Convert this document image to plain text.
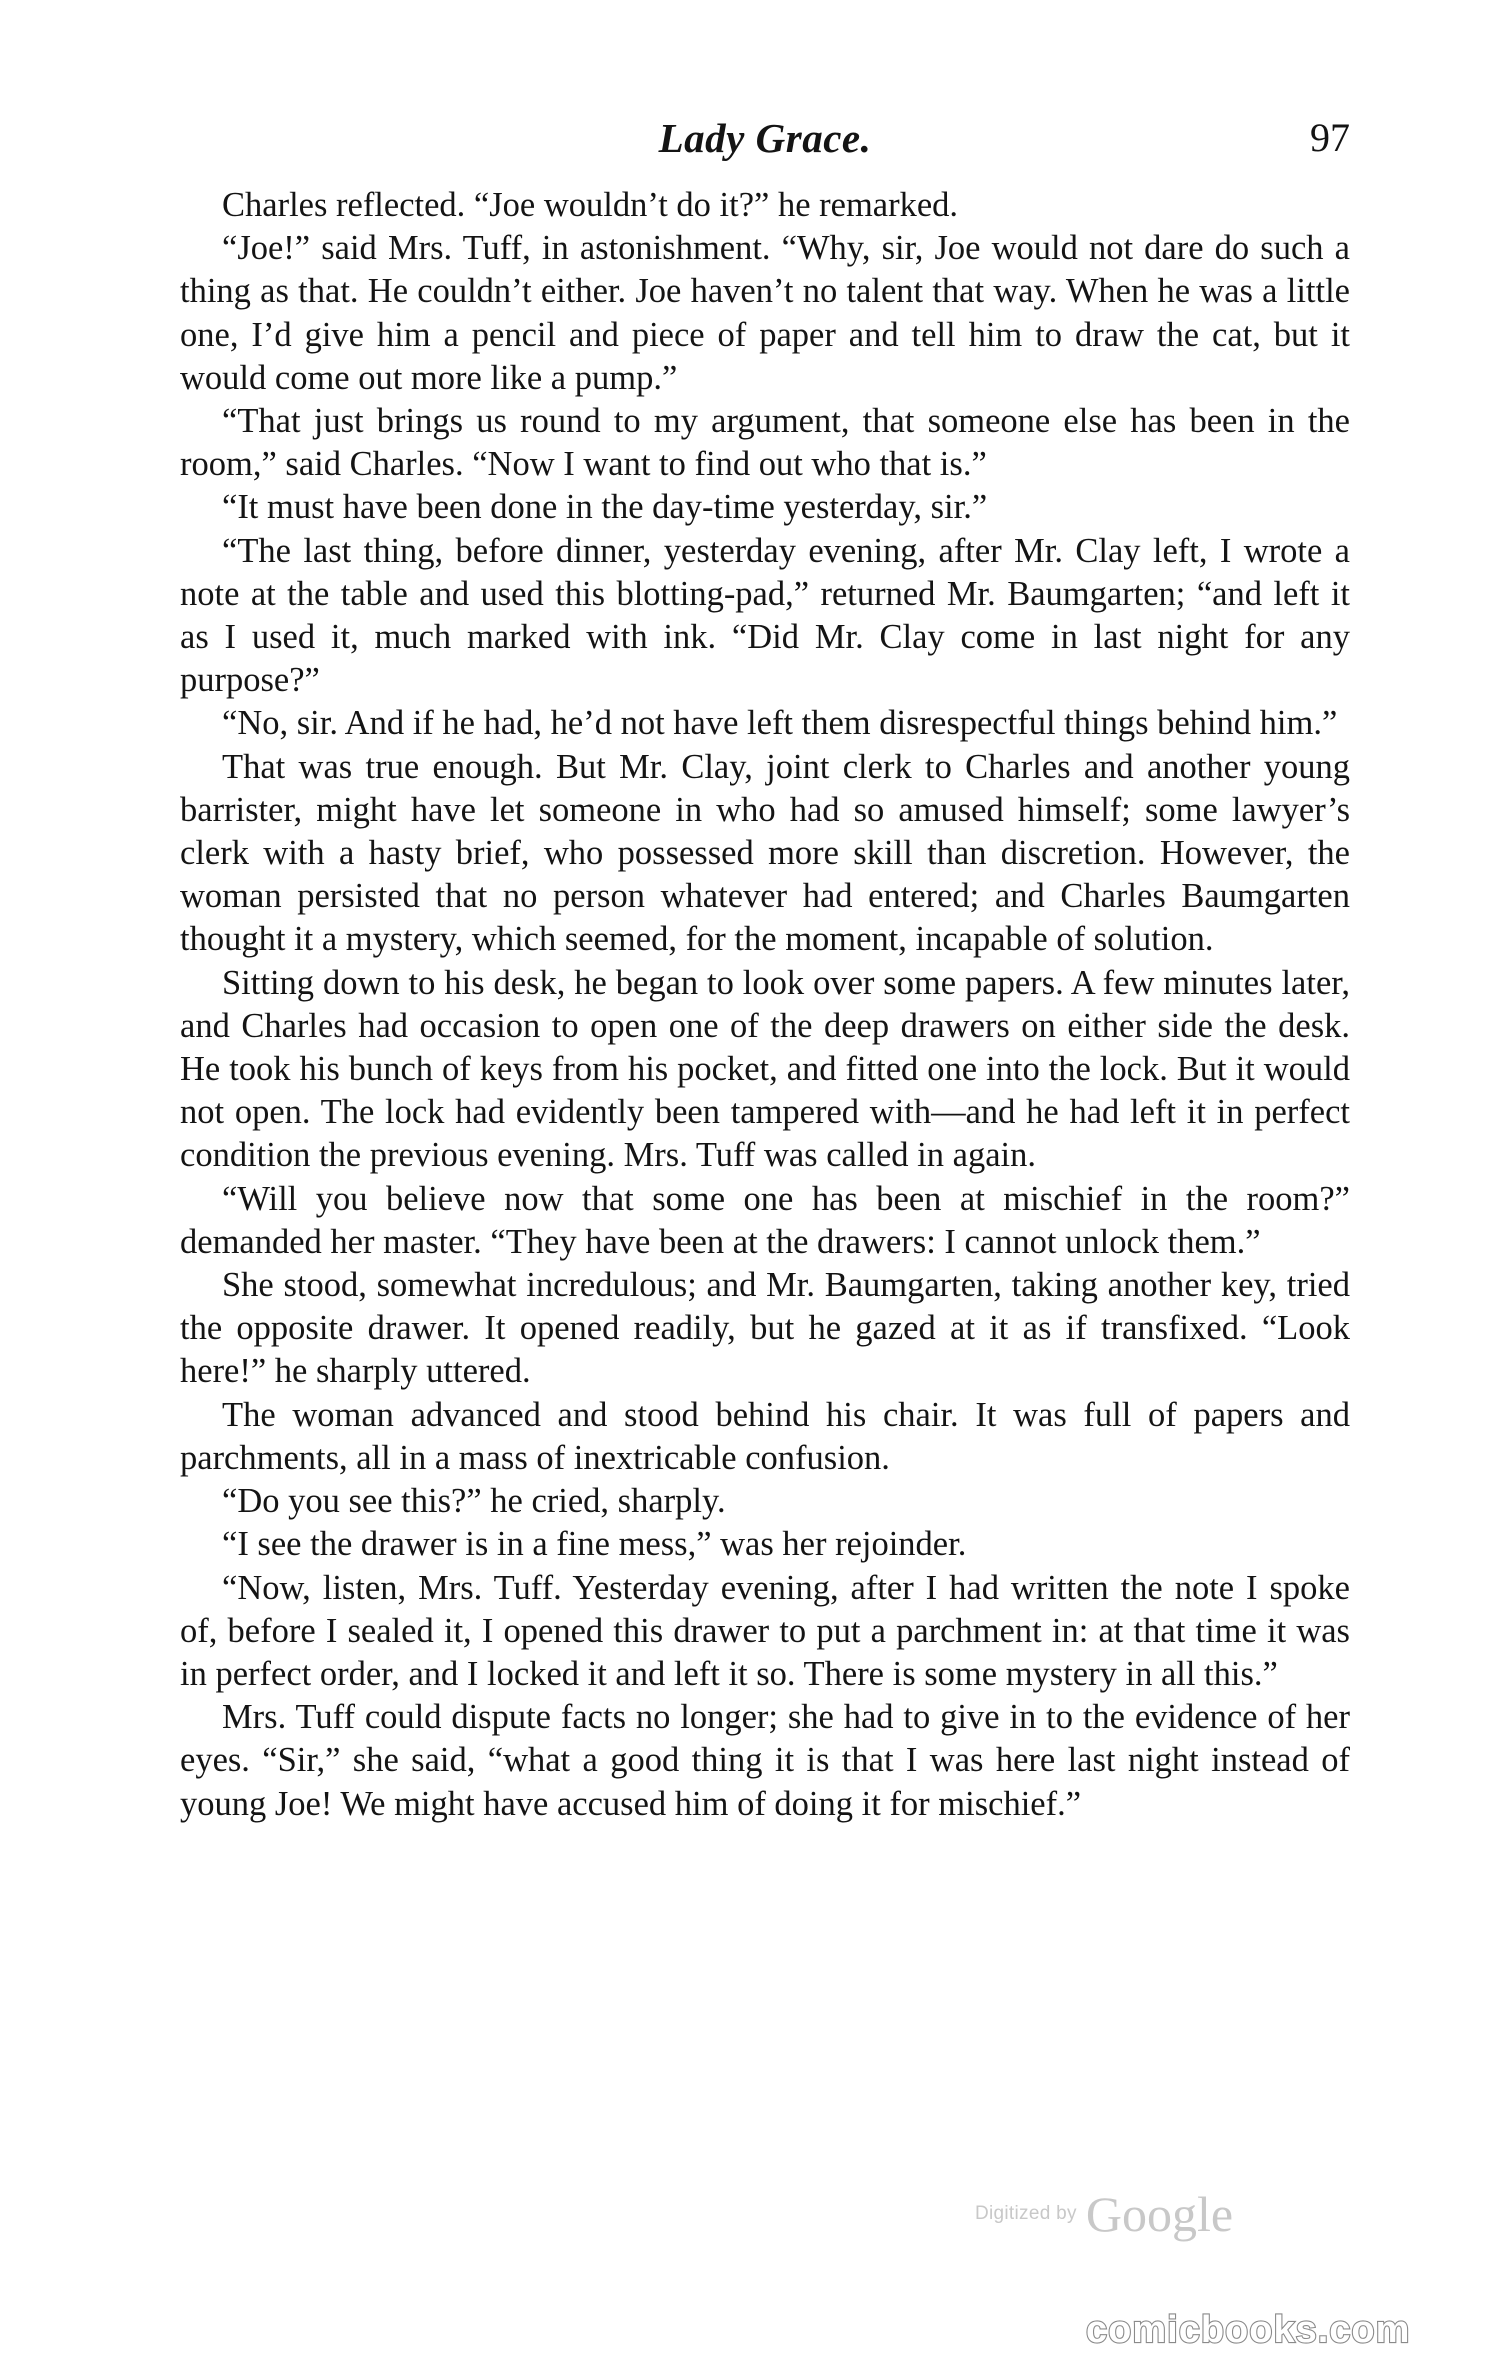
Lady Grace.	97

Charles reflected. “Joe wouldn’t do it?” he remarked.

“Joe!” said Mrs. Tuff, in astonishment. “Why, sir, Joe would not dare do such a thing as that. He couldn’t either. Joe haven’t no talent that way. When he was a little one, I’d give him a pencil and piece of paper and tell him to draw the cat, but it would come out more like a pump.”

“That just brings us round to my argument, that someone else has been in the room,” said Charles. “Now I want to find out who that is.”

“It must have been done in the day-time yesterday, sir.”

“The last thing, before dinner, yesterday evening, after Mr. Clay left, I wrote a note at the table and used this blotting-pad,” returned Mr. Baumgarten; “and left it as I used it, much marked with ink. “Did Mr. Clay come in last night for any purpose?”

“No, sir. And if he had, he’d not have left them disrespectful things behind him.”

That was true enough. But Mr. Clay, joint clerk to Charles and another young barrister, might have let someone in who had so amused himself; some lawyer’s clerk with a hasty brief, who possessed more skill than discretion. However, the woman persisted that no person whatever had entered; and Charles Baumgarten thought it a mystery, which seemed, for the moment, incapable of solution.

Sitting down to his desk, he began to look over some papers. A few minutes later, and Charles had occasion to open one of the deep drawers on either side the desk. He took his bunch of keys from his pocket, and fitted one into the lock. But it would not open. The lock had evidently been tampered with—and he had left it in perfect condition the previous evening. Mrs. Tuff was called in again.

“Will you believe now that some one has been at mischief in the room?” demanded her master. “They have been at the drawers: I cannot unlock them.”

She stood, somewhat incredulous; and Mr. Baumgarten, taking another key, tried the opposite drawer. It opened readily, but he gazed at it as if transfixed. “Look here!” he sharply uttered.

The woman advanced and stood behind his chair. It was full of papers and parchments, all in a mass of inextricable confusion.

“Do you see this?” he cried, sharply.

“I see the drawer is in a fine mess,” was her rejoinder.

“Now, listen, Mrs. Tuff. Yesterday evening, after I had written the note I spoke of, before I sealed it, I opened this drawer to put a parchment in: at that time it was in perfect order, and I locked it and left it so. There is some mystery in all this.”

Mrs. Tuff could dispute facts no longer; she had to give in to the evidence of her eyes. “Sir,” she said, “what a good thing it is that I was here last night instead of young Joe! We might have accused him of doing it for mischief.”

Digitized by Google
comicbooks.com
